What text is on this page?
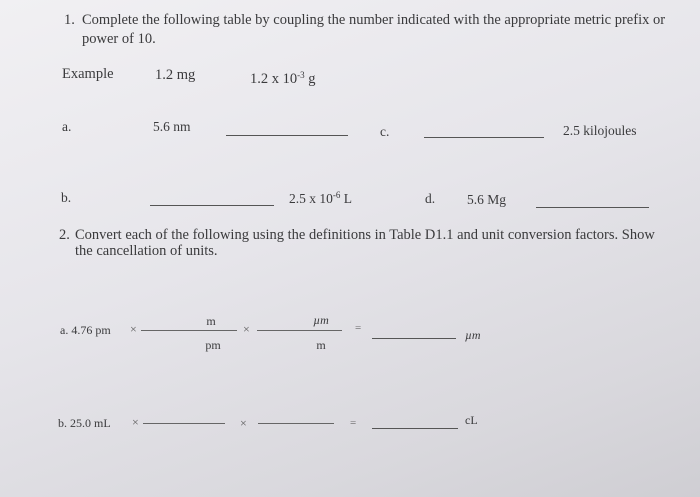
1. Complete the following table by coupling the number indicated with the appropriate metric prefix or
power of 10.
Example	1.2 mg	1.2 x $10^{-3}$ g
a.	5.6 nm	c.	2.5 kilojoules
b.	2.5 x $10^{-6}$ L	d. 5.6 Mg
2. Convert each of the following using the definitions in Table D1.1 and unit conversion factors. Show
the cancellation of units.
a. 4.76 pm ×
m
pm
×
µm
m
=	µm
b. 25.0 mL ×	×	=	cL
